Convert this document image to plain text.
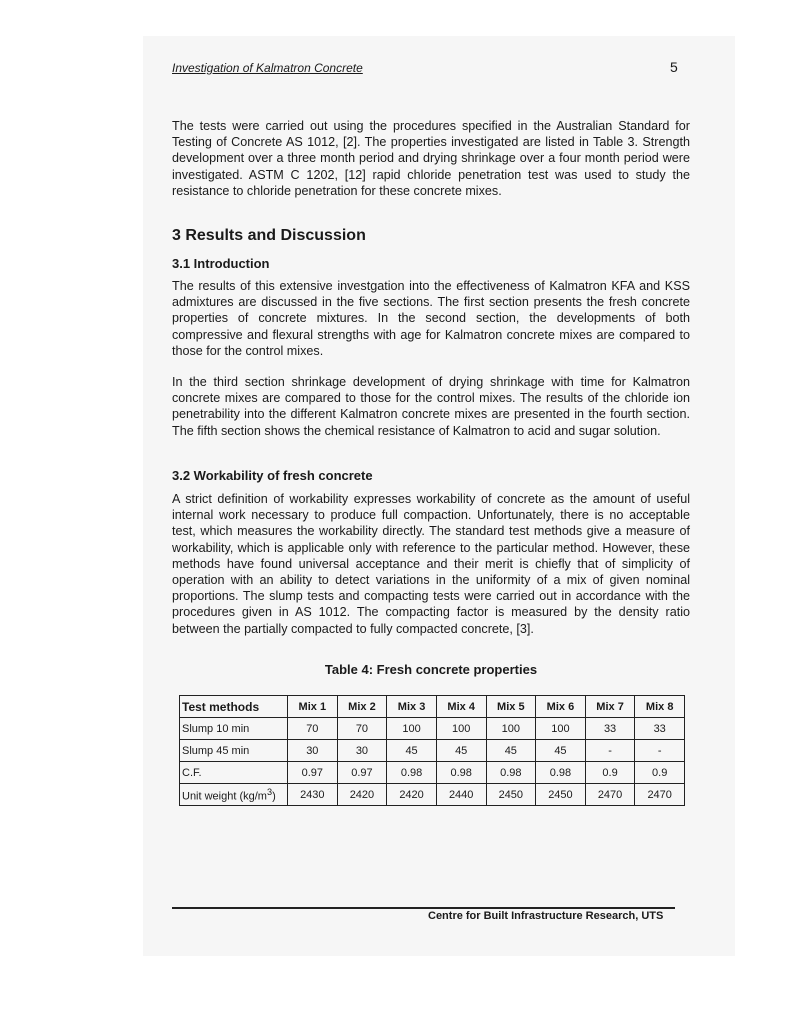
Investigation of Kalmatron Concrete	5

The tests were carried out using the procedures specified in the Australian Standard for Testing of Concrete AS 1012, [2]. The properties investigated are listed in Table 3. Strength development over a three month period and drying shrinkage over a four month period were investigated. ASTM C 1202, [12] rapid chloride penetration test was used to study the resistance to chloride penetration for these concrete mixes.

3 Results and Discussion
3.1 Introduction

The results of this extensive investgation into the effectiveness of Kalmatron KFA and KSS admixtures are discussed in the five sections. The first section presents the fresh concrete properties of concrete mixtures. In the second section, the developments of both compressive and flexural strengths with age for Kalmatron concrete mixes are compared to those for the control mixes.

In the third section shrinkage development of drying shrinkage with time for Kalmatron concrete mixes are compared to those for the control mixes. The results of the chloride ion penetrability into the different Kalmatron concrete mixes are presented in the fourth section. The fifth section shows the chemical resistance of Kalmatron to acid and sugar solution.

3.2 Workability of fresh concrete

A strict definition of workability expresses workability of concrete as the amount of useful internal work necessary to produce full compaction. Unfortunately, there is no acceptable test, which measures the workability directly. The standard test methods give a measure of workability, which is applicable only with reference to the particular method. However, these methods have found universal acceptance and their merit is chiefly that of simplicity of operation with an ability to detect variations in the uniformity of a mix of given nominal proportions. The slump tests and compacting tests were carried out in accordance with the procedures given in AS 1012. The compacting factor is measured by the density ratio between the partially compacted to fully compacted concrete, [3].

Table 4: Fresh concrete properties
Test methods	Mix 1	Mix 2	Mix 3	Mix 4	Mix 5	Mix 6	Mix 7	Mix 8
Slump 10 min	70	70	100	100	100	100	33	33
Slump 45 min	30	30	45	45	45	45	-	-
C.F.	0.97	0.97	0.98	0.98	0.98	0.98	0.9	0.9
Unit weight $(kg/m^3)$	2430	2420	2420	2440	2450	2450	2470	2470
Centre for Built Infrastructure Research, UTS
